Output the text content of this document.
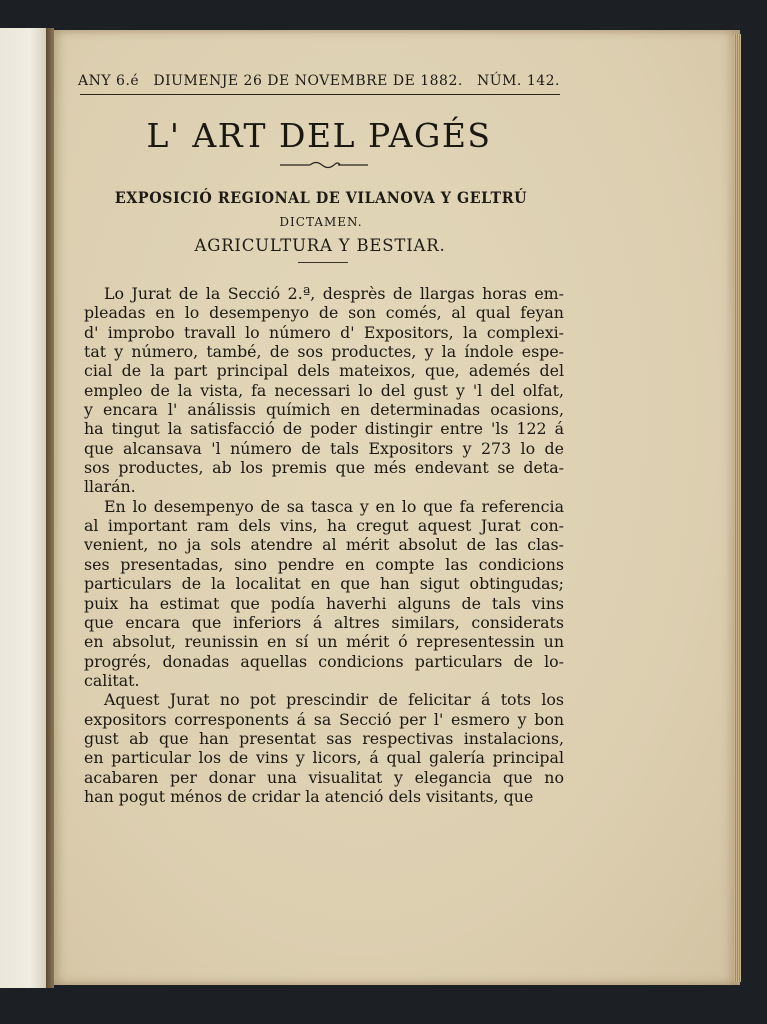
ANY 6.é DIUMENJE 26 DE NOVEMBRE DE 1882. NÚM. 142.
L' ART DEL PAGÉS
EXPOSICIÓ REGIONAL DE VILANOVA Y GELTRÚ
DICTAMEN.
AGRICULTURA Y BESTIAR.
Lo Jurat de la Secció 2.ª, desprès de llargas horas em-
pleadas en lo desempenyo de son comés, al qual feyan
d' improbo travall lo número d' Expositors, la complexi-
tat y número, també, de sos productes, y la índole espe-
cial de la part principal dels mateixos, que, ademés del
empleo de la vista, fa necessari lo del gust y 'l del olfat,
y encara l' análissis químich en determinadas ocasions,
ha tingut la satisfacció de poder distingir entre 'ls 122 á
que alcansava 'l número de tals Expositors y 273 lo de
sos productes, ab los premis que més endevant se deta-
llarán.
En lo desempenyo de sa tasca y en lo que fa referencia
al important ram dels vins, ha cregut aquest Jurat con-
venient, no ja sols atendre al mérit absolut de las clas-
ses presentadas, sino pendre en compte las condicions
particulars de la localitat en que han sigut obtingudas;
puix ha estimat que podía haverhi alguns de tals vins
que encara que inferiors á altres similars, considerats
en absolut, reunissin en sí un mérit ó representessin un
progrés, donadas aquellas condicions particulars de lo-
calitat.
Aquest Jurat no pot prescindir de felicitar á tots los
expositors corresponents á sa Secció per l' esmero y bon
gust ab que han presentat sas respectivas instalacions,
en particular los de vins y licors, á qual galería principal
acabaren per donar una visualitat y elegancia que no
han pogut ménos de cridar la atenció dels visitants, que
